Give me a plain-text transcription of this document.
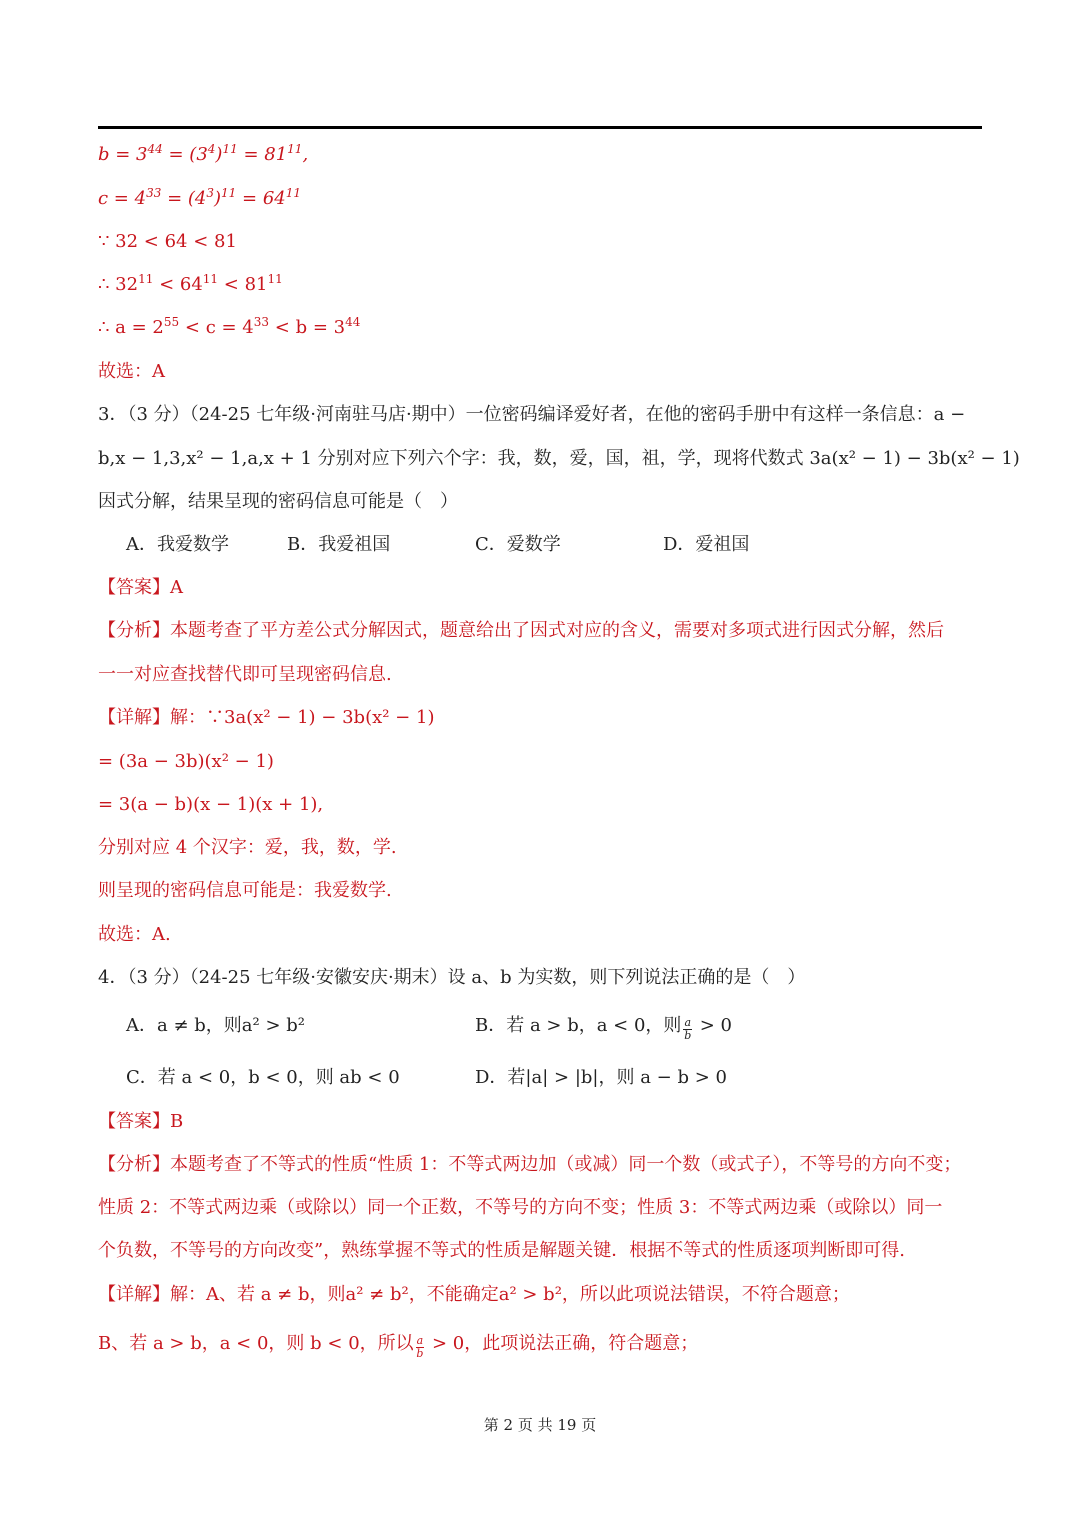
$b = 3^{44} = (3^4)^{11} = 81^{11}$,
$c = 4^{33} = (4^3)^{11} = 64^{11}$
∵ 32 < 64 < 81
∴ $32^{11} < 64^{11} < 81^{11}$
∴ $a = 2^{55} < c = 4^{33} < b = 3^{44}$
故选：A
3．（3 分）（24-25 七年级·河南驻马店·期中）一位密码编译爱好者，在他的密码手册中有这样一条信息：a −
b,x − 1,3,x² − 1,a,x + 1 分别对应下列六个字：我，数，爱，国，祖，学，现将代数式 3a(x² − 1) − 3b(x² − 1)
因式分解，结果呈现的密码信息可能是（　）
A．我爱数学	B．我爱祖国	C．爱数学	D．爱祖国
【答案】A
【分析】本题考查了平方差公式分解因式，题意给出了因式对应的含义，需要对多项式进行因式分解，然后
一一对应查找替代即可呈现密码信息.
【详解】解：∵3a(x² − 1) − 3b(x² − 1)
= (3a − 3b)(x² − 1)
= 3(a − b)(x − 1)(x + 1),
分别对应 4 个汉字：爱，我，数，学.
则呈现的密码信息可能是：我爱数学.
故选：A.
4．（3 分）（24-25 七年级·安徽安庆·期末）设 a、b 为实数，则下列说法正确的是（　）
A．a ≠ b，则a² > b²	B．若 a > b，a < 0，则 $\frac{a}{b} > 0$
C．若 a < 0，b < 0，则 ab < 0	D．若|a| > |b|，则 a − b > 0
【答案】B
【分析】本题考查了不等式的性质“性质 1：不等式两边加（或减）同一个数（或式子），不等号的方向不变；
性质 2：不等式两边乘（或除以）同一个正数，不等号的方向不变；性质 3：不等式两边乘（或除以）同一
个负数，不等号的方向改变”，熟练掌握不等式的性质是解题关键．根据不等式的性质逐项判断即可得.
【详解】解：A、若 a ≠ b，则a² ≠ b²，不能确定a² > b²，所以此项说法错误，不符合题意；
B、若 a > b，a < 0，则 b < 0，所以 $\frac{a}{b} > 0$，此项说法正确，符合题意；
第 2 页 共 19 页
